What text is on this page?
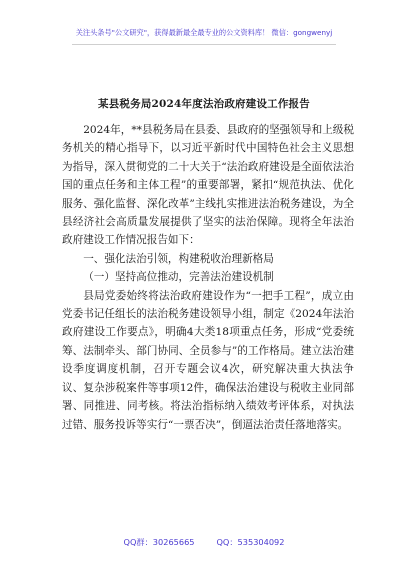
关注头条号"公文研究"，获得最新最全最专业的公文资料库！ 微信：gongwenyj
某县税务局2024年度法治政府建设工作报告

2024年，**县税务局在县委、县政府的坚强领导和上级税务机关的精心指导下，以习近平新时代中国特色社会主义思想为指导，深入贯彻党的二十大关于“法治政府建设是全面依法治国的重点任务和主体工程”的重要部署，紧扣“规范执法、优化服务、强化监督、深化改革”主线扎实推进法治税务建设，为全县经济社会高质量发展提供了坚实的法治保障。现将全年法治政府建设工作情况报告如下：

一、强化法治引领，构建税收治理新格局

（一）坚持高位推动，完善法治建设机制

县局党委始终将法治政府建设作为“一把手工程”，成立由党委书记任组长的法治税务建设领导小组，制定《2024年法治政府建设工作要点》，明确4大类18项重点任务，形成“党委统筹、法制牵头、部门协同、全员参与”的工作格局。建立法治建设季度调度机制，召开专题会议4次，研究解决重大执法争议、复杂涉税案件等事项12件，确保法治建设与税收主业同部署、同推进、同考核。将法治指标纳入绩效考评体系，对执法过错、服务投诉等实行“一票否决”，倒逼法治责任落地落实。

QQ群：30265665	QQ：535304092
